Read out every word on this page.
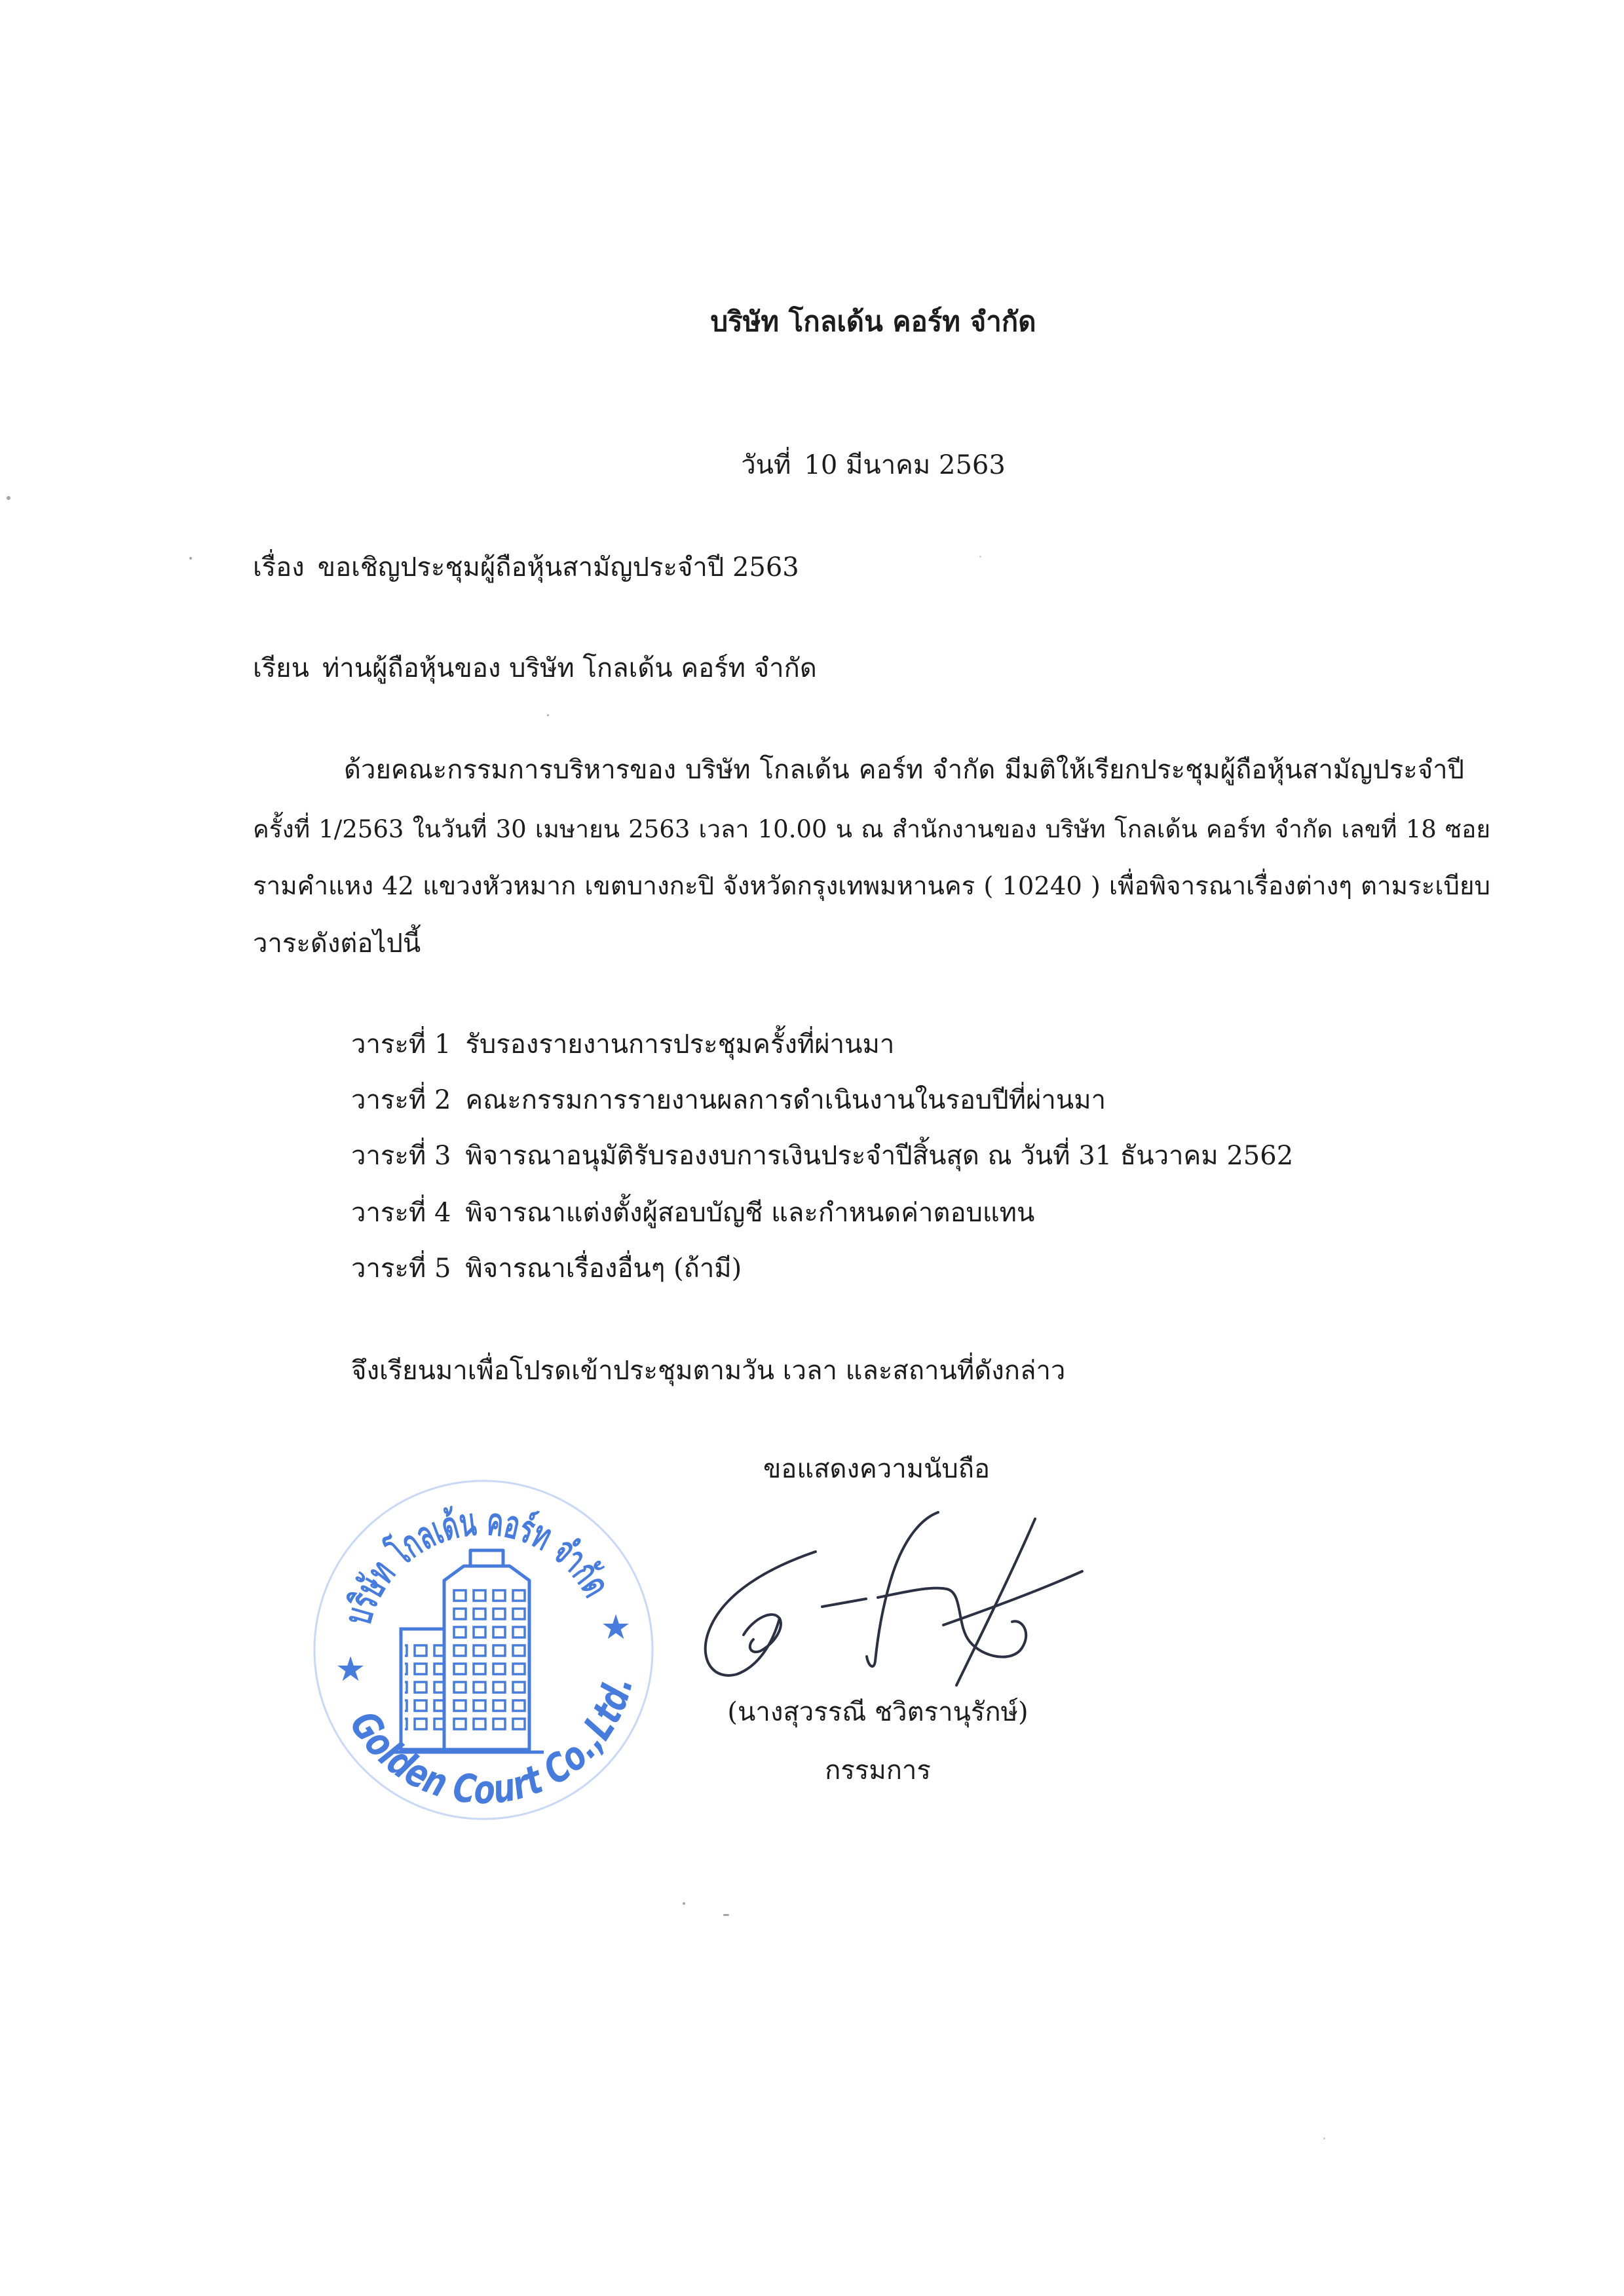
บริษัท โกลเด้น คอร์ท จำกัด
วันที่ 10 มีนาคม 2563
เรื่อง ขอเชิญประชุมผู้ถือหุ้นสามัญประจำปี 2563
เรียน ท่านผู้ถือหุ้นของ บริษัท โกลเด้น คอร์ท จำกัด
ด้วยคณะกรรมการบริหารของ บริษัท โกลเด้น คอร์ท จำกัด มีมติให้เรียกประชุมผู้ถือหุ้นสามัญประจำปี
ครั้งที่ 1/2563 ในวันที่ 30 เมษายน 2563 เวลา 10.00 น ณ สำนักงานของ บริษัท โกลเด้น คอร์ท จำกัด เลขที่ 18 ซอย
รามคำแหง 42 แขวงหัวหมาก เขตบางกะปิ จังหวัดกรุงเทพมหานคร ( 10240 ) เพื่อพิจารณาเรื่องต่างๆ ตามระเบียบ
วาระดังต่อไปนี้
วาระที่ 1 รับรองรายงานการประชุมครั้งที่ผ่านมา
วาระที่ 2 คณะกรรมการรายงานผลการดำเนินงานในรอบปีที่ผ่านมา
วาระที่ 3 พิจารณาอนุมัติรับรองงบการเงินประจำปีสิ้นสุด ณ วันที่ 31 ธันวาคม 2562
วาระที่ 4 พิจารณาแต่งตั้งผู้สอบบัญชี และกำหนดค่าตอบแทน
วาระที่ 5 พิจารณาเรื่องอื่นๆ (ถ้ามี)
จึงเรียนมาเพื่อโปรดเข้าประชุมตามวัน เวลา และสถานที่ดังกล่าว
ขอแสดงความนับถือ
บริษัท โกลเด้น คอร์ท จำกัด
Golden Court Co.,Ltd.
★
★
(นางสุวรรณี ชวิตรานุรักษ์)
กรรมการ
